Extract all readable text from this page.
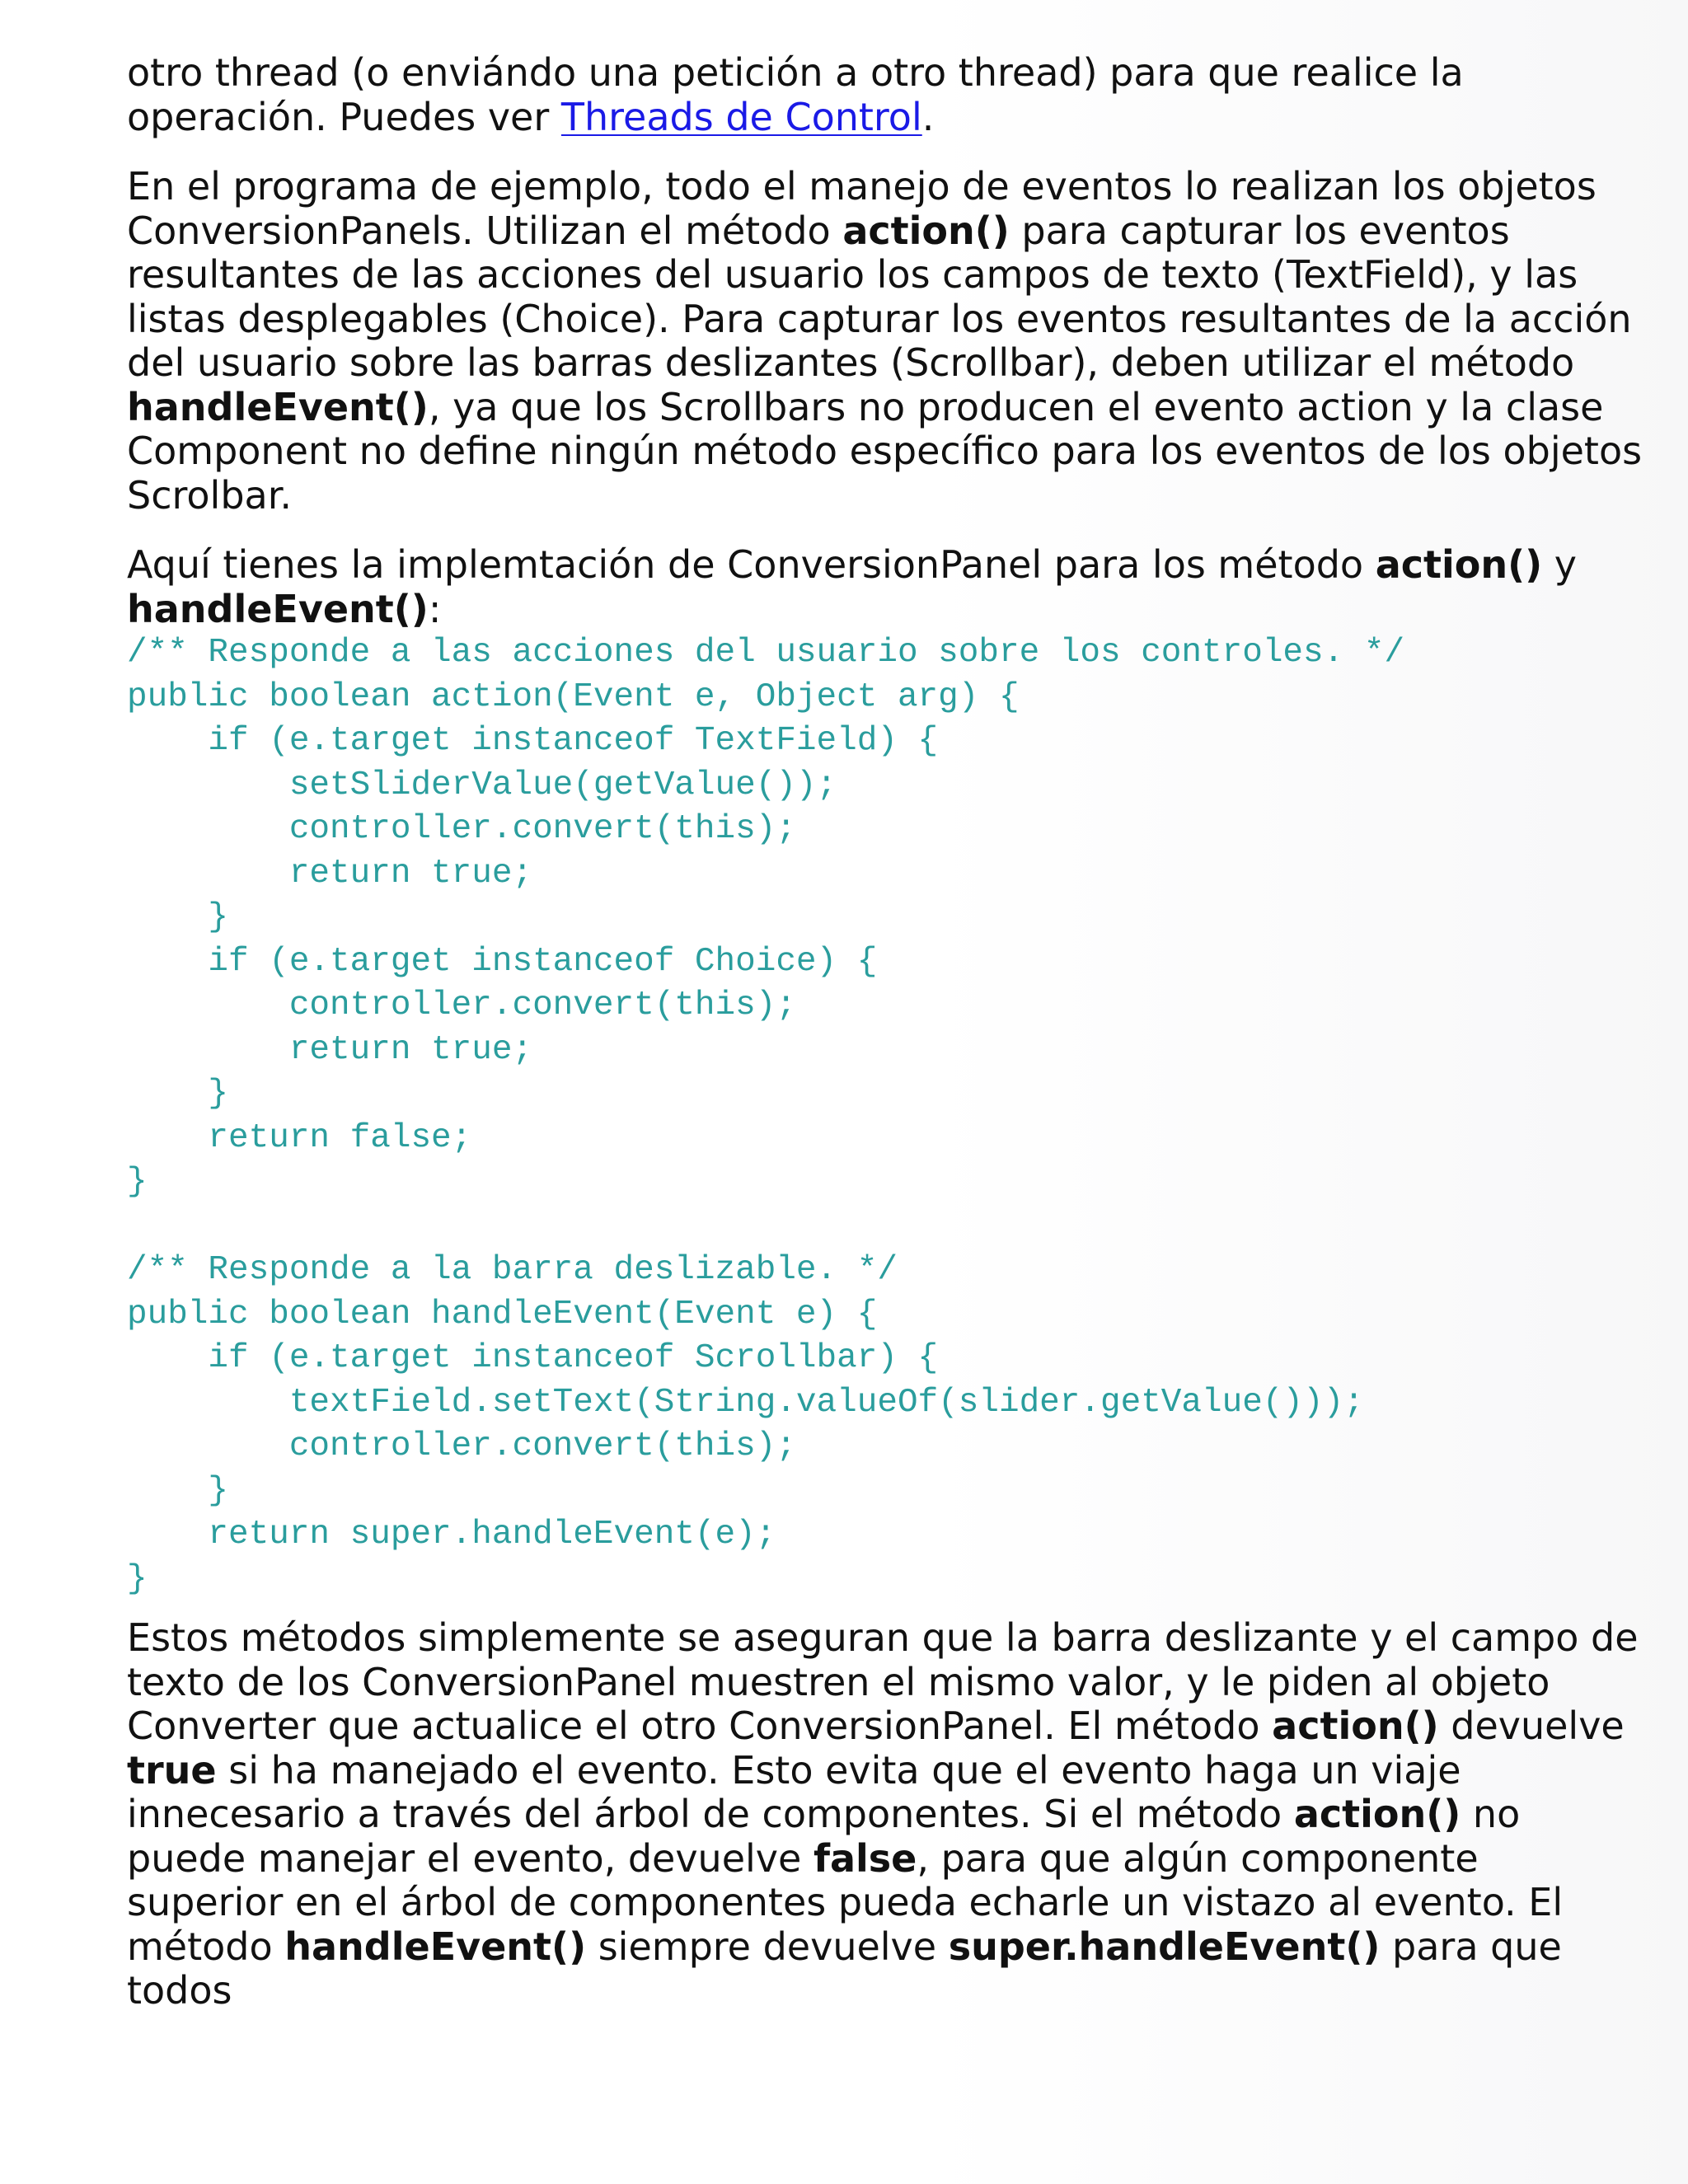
otro thread (o enviándo una petición a otro thread) para que realice la operación. Puedes ver Threads de Control.

En el programa de ejemplo, todo el manejo de eventos lo realizan los objetos ConversionPanels. Utilizan el método action() para capturar los eventos resultantes de las acciones del usuario los campos de texto (TextField), y las listas desplegables (Choice). Para capturar los eventos resultantes de la acción del usuario sobre las barras deslizantes (Scrollbar), deben utilizar el método handleEvent(), ya que los Scrollbars no producen el evento action y la clase Component no define ningún método específico para los eventos de los objetos Scrolbar.

Aquí tienes la implemtación de ConversionPanel para los método action() y handleEvent():

/** Responde a las acciones del usuario sobre los controles. */
public boolean action(Event e, Object arg) {
if (e.target instanceof TextField) {
setSliderValue(getValue());
controller.convert(this);
return true;
}
if (e.target instanceof Choice) {
controller.convert(this);
return true;
}
return false;
}

/** Responde a la barra deslizable. */
public boolean handleEvent(Event e) {
if (e.target instanceof Scrollbar) {
textField.setText(String.valueOf(slider.getValue()));
controller.convert(this);
}
return super.handleEvent(e);
}

Estos métodos simplemente se aseguran que la barra deslizante y el campo de texto de los ConversionPanel muestren el mismo valor, y le piden al objeto Converter que actualice el otro ConversionPanel. El método action() devuelve true si ha manejado el evento. Esto evita que el evento haga un viaje innecesario a través del árbol de componentes. Si el método action() no puede manejar el evento, devuelve false, para que algún componente superior en el árbol de componentes pueda echarle un vistazo al evento. El método handleEvent() siempre devuelve super.handleEvent() para que todos
